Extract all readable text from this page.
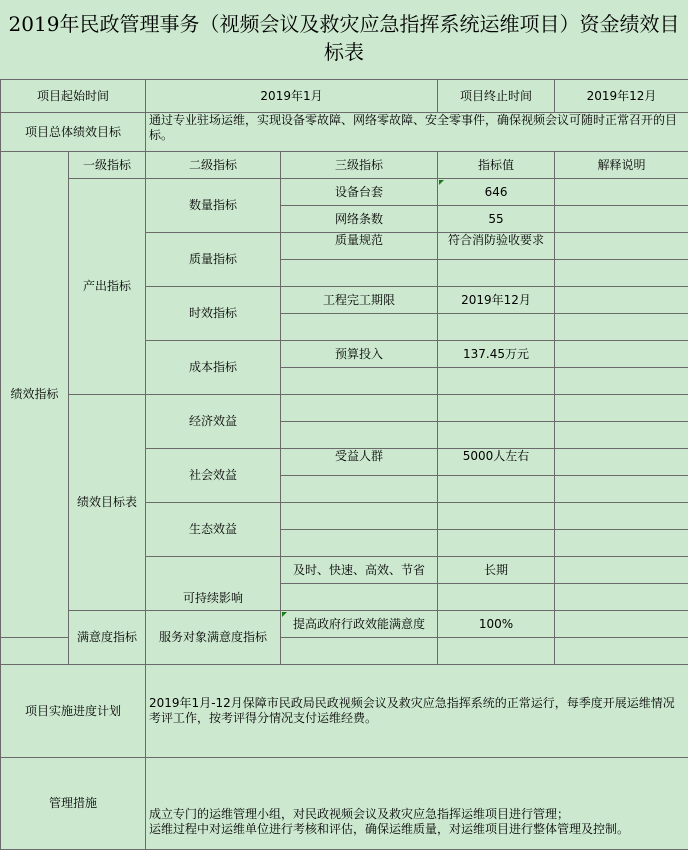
2019年民政管理事务（视频会议及救灾应急指挥系统运维项目）资金绩效目标表
项目起始时间		2019年1月		项目终止时间	2019年12月
项目总体绩效目标		通过专业驻场运维，实现设备零故障、网络零故障、安全零事件，确保视频会议可随时正常召开的目标。			
绩效指标	一级指标	二级指标	三级指标	指标值	解释说明
	产出指标	数量指标	设备台套	646	
			网络条数	55	
		质量指标	质量规范	符合消防验收要求	

		时效指标	工程完工期限	2019年12月	

		成本指标	预算投入	137.45万元	

	绩效目标表	经济效益			

		社会效益	受益人群	5000人左右	

		生态效益			

		可持续影响	及时、快速、高效、节省	长期	

	满意度指标	服务对象满意度指标	提高政府行政效能满意度	100%	

项目实施进度计划		2019年1月-12月保障市民政局民政视频会议及救灾应急指挥系统的正常运行，每季度开展运维情况考评工作，按考评得分情况支付运维经费。			
管理措施		成立专门的运维管理小组，对民政视频会议及救灾应急指挥运维项目进行管理；
运维过程中对运维单位进行考核和评估，确保运维质量，对运维项目进行整体管理及控制。			
